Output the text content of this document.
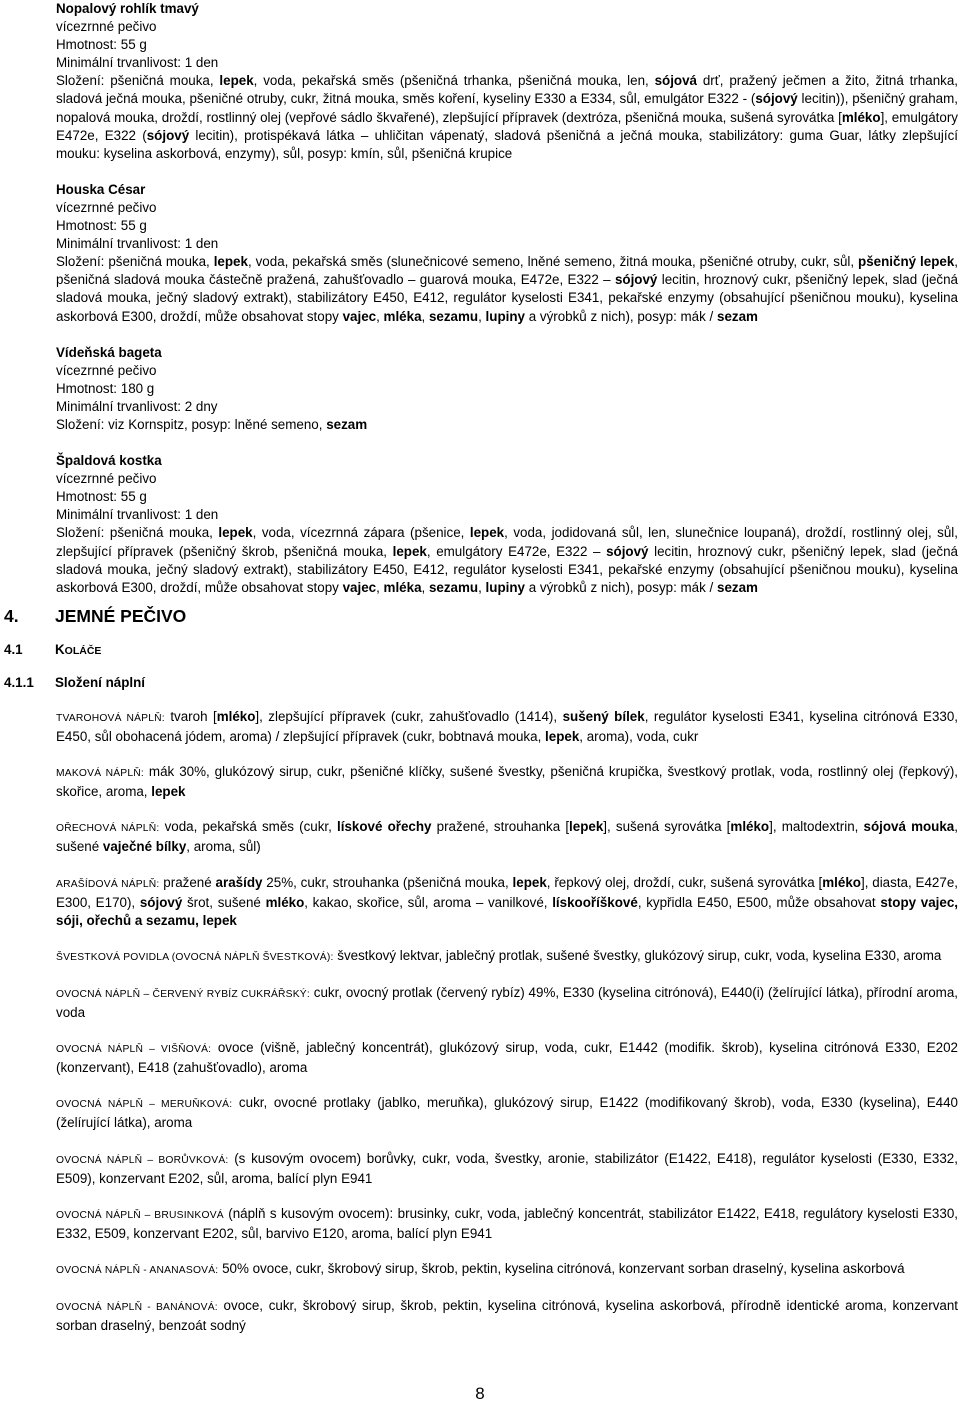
Nopalový rohlík tmavý
vícezrnné pečivo
Hmotnost: 55 g
Minimální trvanlivost: 1 den
Složení: pšeničná mouka, lepek, voda, pekařská směs (pšeničná trhanka, pšeničná mouka, len, sójová drť, pražený ječmen a žito, žitná trhanka, sladová ječná mouka, pšeničné otruby, cukr, žitná mouka, směs koření, kyseliny E330 a E334, sůl, emulgátor E322 - (sójový lecitin)), pšeničný graham, nopalová mouka, droždí, rostlinný olej (vepřové sádlo škvařené), zlepšující přípravek (dextróza, pšeničná mouka, sušená syrovátka [mléko], emulgátory E472e, E322 (sójový lecitin), protispékavá látka – uhličitan vápenatý, sladová pšeničná a ječná mouka, stabilizátory: guma Guar, látky zlepšující mouku: kyselina askorbová, enzymy), sůl, posyp: kmín, sůl, pšeničná krupice
Houska César
vícezrnné pečivo
Hmotnost: 55 g
Minimální trvanlivost: 1 den
Složení: pšeničná mouka, lepek, voda, pekařská směs (slunečnicové semeno, lněné semeno, žitná mouka, pšeničné otruby, cukr, sůl, pšeničný lepek, pšeničná sladová mouka částečně pražená, zahušťovadlo – guarová mouka, E472e, E322 – sójový lecitin, hroznový cukr, pšeničný lepek, slad (ječná sladová mouka, ječný sladový extrakt), stabilizátory E450, E412, regulátor kyselosti E341, pekařské enzymy (obsahující pšeničnou mouku), kyselina askorbová E300, droždí, může obsahovat stopy vajec, mléka, sezamu, lupiny a výrobků z nich), posyp: mák / sezam
Vídeňská bageta
vícezrnné pečivo
Hmotnost: 180 g
Minimální trvanlivost: 2 dny
Složení: viz Kornspitz, posyp: lněné semeno, sezam
Špaldová kostka
vícezrnné pečivo
Hmotnost: 55 g
Minimální trvanlivost: 1 den
Složení: pšeničná mouka, lepek, voda, vícezrnná zápara (pšenice, lepek, voda, jodidovaná sůl, len, slunečnice loupaná), droždí, rostlinný olej, sůl, zlepšující přípravek (pšeničný škrob, pšeničná mouka, lepek, emulgátory E472e, E322 – sójový lecitin, hroznový cukr, pšeničný lepek, slad (ječná sladová mouka, ječný sladový extrakt), stabilizátory E450, E412, regulátor kyselosti E341, pekařské enzymy (obsahující pšeničnou mouku), kyselina askorbová E300, droždí, může obsahovat stopy vajec, mléka, sezamu, lupiny a výrobků z nich), posyp: mák / sezam
4. JEMNÉ PEČIVO
4.1 KOLÁČE
4.1.1 Složení náplní

TVAROHOVÁ NÁPLŇ: tvaroh [mléko], zlepšující přípravek (cukr, zahušťovadlo (1414), sušený bílek, regulátor kyselosti E341, kyselina citrónová E330, E450, sůl obohacená jódem, aroma) / zlepšující přípravek (cukr, bobtnavá mouka, lepek, aroma), voda, cukr

MAKOVÁ NÁPLŇ: mák 30%, glukózový sirup, cukr, pšeničné klíčky, sušené švestky, pšeničná krupička, švestkový protlak, voda, rostlinný olej (řepkový), skořice, aroma, lepek

OŘECHOVÁ NÁPLŇ: voda, pekařská směs (cukr, lískové ořechy pražené, strouhanka [lepek], sušená syrovátka [mléko], maltodextrin, sójová mouka, sušené vaječné bílky, aroma, sůl)

ARAŠÍDOVÁ NÁPLŇ: pražené arašídy 25%, cukr, strouhanka (pšeničná mouka, lepek, řepkový olej, droždí, cukr, sušená syrovátka [mléko], diasta, E427e, E300, E170), sójový šrot, sušené mléko, kakao, skořice, sůl, aroma – vanilkové, lískooříškové, kypřidla E450, E500, může obsahovat stopy vajec, sóji, ořechů a sezamu, lepek

ŠVESTKOVÁ POVIDLA (OVOCNÁ NÁPLŇ ŠVESTKOVÁ): švestkový lektvar, jablečný protlak, sušené švestky, glukózový sirup, cukr, voda, kyselina E330, aroma

OVOCNÁ NÁPLŇ – ČERVENÝ RYBÍZ CUKRÁŘSKÝ: cukr, ovocný protlak (červený rybíz) 49%, E330 (kyselina citrónová), E440(i) (želírující látka), přírodní aroma, voda

OVOCNÁ NÁPLŇ – VIŠŇOVÁ: ovoce (višně, jablečný koncentrát), glukózový sirup, voda, cukr, E1442 (modifik. škrob), kyselina citrónová E330, E202 (konzervant), E418 (zahušťovadlo), aroma

OVOCNÁ NÁPLŇ – MERUŇKOVÁ: cukr, ovocné protlaky (jablko, meruňka), glukózový sirup, E1422 (modifikovaný škrob), voda, E330 (kyselina), E440 (želírující látka), aroma

OVOCNÁ NÁPLŇ – BORŮVKOVÁ: (s kusovým ovocem) borůvky, cukr, voda, švestky, aronie, stabilizátor (E1422, E418), regulátor kyselosti (E330, E332, E509), konzervant E202, sůl, aroma, balící plyn E941

OVOCNÁ NÁPLŇ – BRUSINKOVÁ (náplň s kusovým ovocem): brusinky, cukr, voda, jablečný koncentrát, stabilizátor E1422, E418, regulátory kyselosti E330, E332, E509, konzervant E202, sůl, barvivo E120, aroma, balící plyn E941

OVOCNÁ NÁPLŇ - ANANASOVÁ: 50% ovoce, cukr, škrobový sirup, škrob, pektin, kyselina citrónová, konzervant sorban draselný, kyselina askorbová

OVOCNÁ NÁPLŇ - BANÁNOVÁ: ovoce, cukr, škrobový sirup, škrob, pektin, kyselina citrónová, kyselina askorbová, přírodně identické aroma, konzervant sorban draselný, benzoát sodný

8
